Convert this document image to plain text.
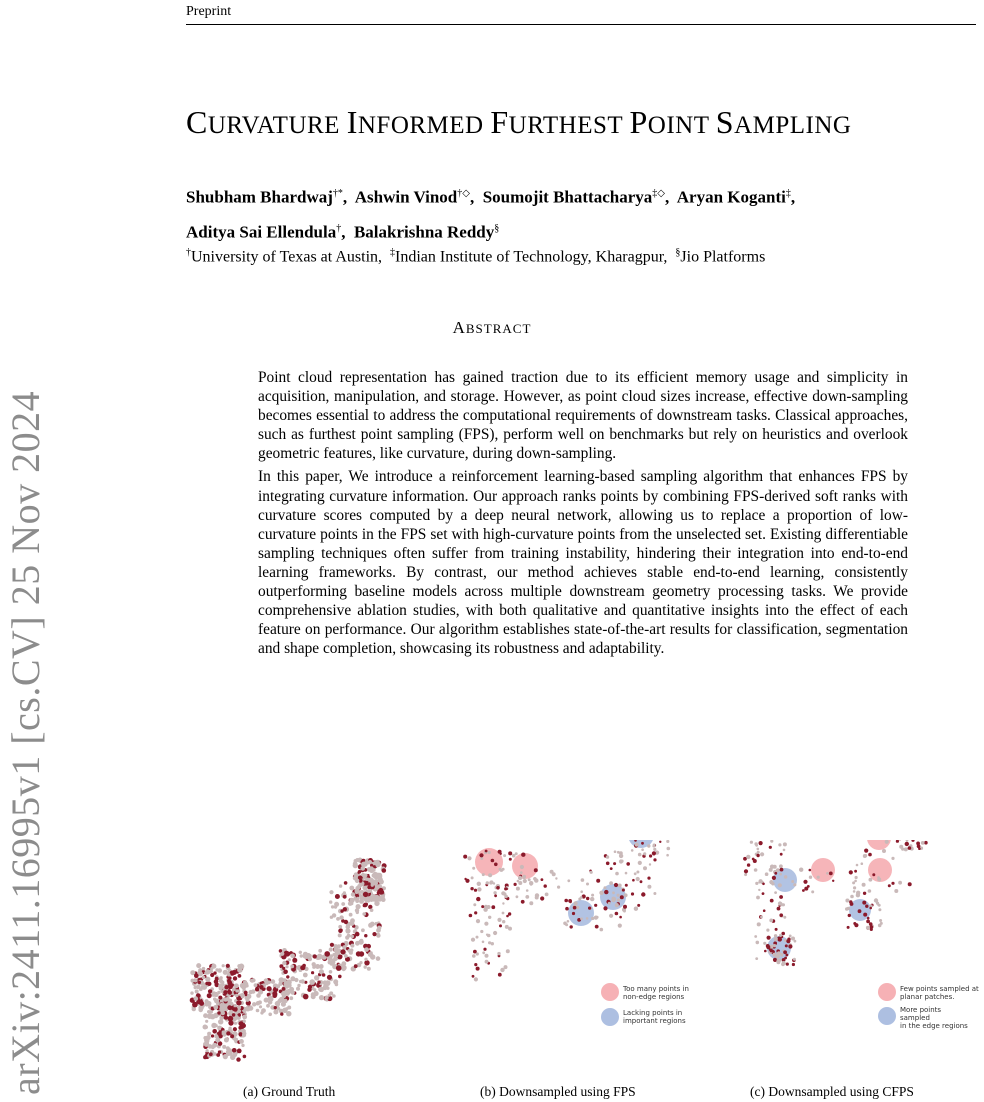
Preprint
arXiv:2411.16995v1 [cs.CV] 25 Nov 2024
CURVATURE INFORMED FURTHEST POINT SAMPLING
Shubham Bhardwaj†*,  Ashwin Vinod†◇,  Soumojit Bhattacharya‡◇,  Aryan Koganti‡,
Aditya Sai Ellendula†,  Balakrishna Reddy§
†University of Texas at Austin, ‡Indian Institute of Technology, Kharagpur, §Jio Platforms
ABSTRACT

Point cloud representation has gained traction due to its efficient memory usage and simplicity in acquisition, manipulation, and storage. However, as point cloud sizes increase, effective down-sampling becomes essential to address the computational requirements of downstream tasks. Classical approaches, such as furthest point sampling (FPS), perform well on benchmarks but rely on heuristics and overlook geometric features, like curvature, during down-sampling.

In this paper, We introduce a reinforcement learning-based sampling algorithm that enhances FPS by integrating curvature information. Our approach ranks points by combining FPS-derived soft ranks with curvature scores computed by a deep neural network, allowing us to replace a proportion of low-curvature points in the FPS set with high-curvature points from the unselected set. Existing differentiable sampling techniques often suffer from training instability, hindering their integration into end-to-end learning frameworks. By contrast, our method achieves stable end-to-end learning, consistently outperforming baseline models across multiple downstream geometry processing tasks. We provide comprehensive ablation studies, with both qualitative and quantitative insights into the effect of each feature on performance. Our algorithm establishes state-of-the-art results for classification, segmentation and shape completion, showcasing its robustness and adaptability.

Too many points in
non-edge regions
Lacking points in
important regions
Few points sampled at
planar patches.
More points
sampled
in the edge regions
(a) Ground Truth	(b) Downsampled using FPS	(c) Downsampled using CFPS
